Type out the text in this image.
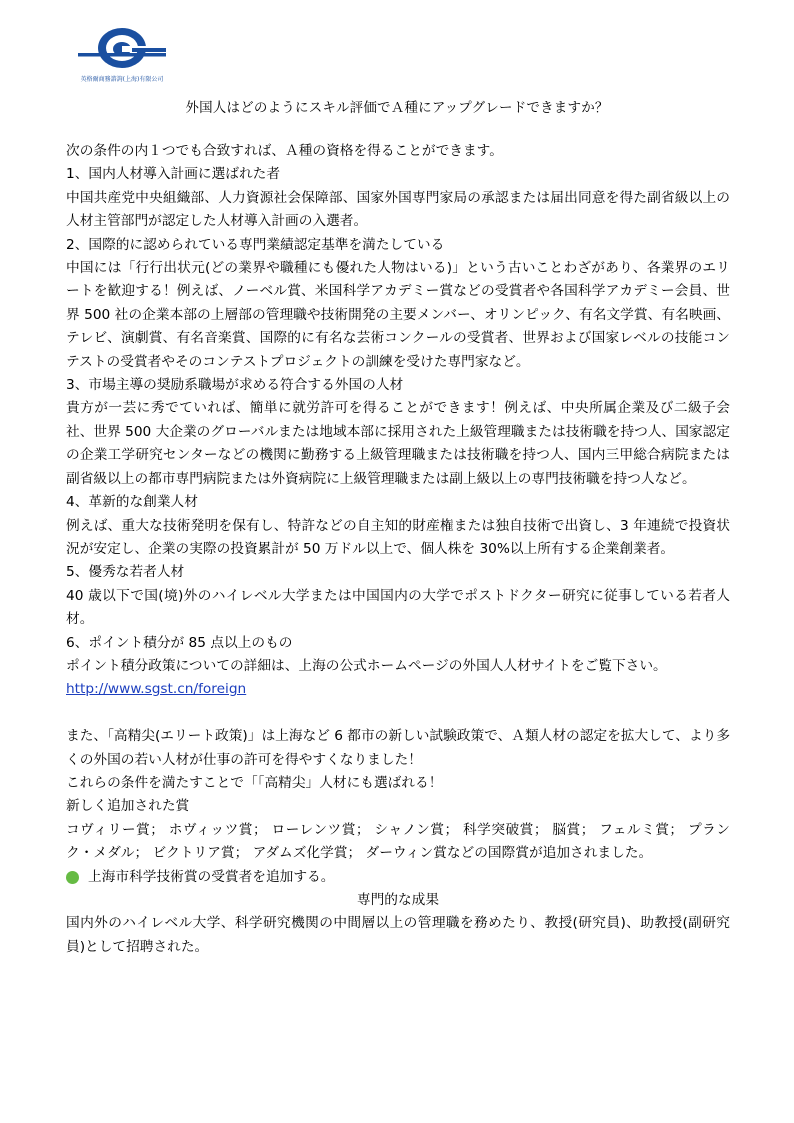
英格爾商務諮詢(上海)有限公司
外国人はどのようにスキル評価でＡ種にアップグレードできますか？

次の条件の内１つでも合致すれば、Ａ種の資格を得ることができます。

1、国内人材導入計画に選ばれた者

中国共産党中央組織部、人力資源社会保障部、国家外国専門家局の承認または届出同意を得た副省級以上の人材主管部門が認定した人材導入計画の入選者。

2、国際的に認められている専門業績認定基準を満たしている

中国には「行行出状元(どの業界や職種にも優れた人物はいる)」という古いことわざがあり、各業界のエリートを歓迎する！例えば、ノーベル賞、米国科学アカデミー賞などの受賞者や各国科学アカデミー会員、世界 500 社の企業本部の上層部の管理職や技術開発の主要メンバー、オリンピック、有名文学賞、有名映画、テレビ、演劇賞、有名音楽賞、国際的に有名な芸術コンクールの受賞者、世界および国家レベルの技能コンテストの受賞者やそのコンテストプロジェクトの訓練を受けた専門家など。

3、市場主導の奨励系職場が求める符合する外国の人材

貴方が一芸に秀でていれば、簡単に就労許可を得ることができます！例えば、中央所属企業及び二級子会社、世界 500 大企業のグローバルまたは地域本部に採用された上級管理職または技術職を持つ人、国家認定の企業工学研究センターなどの機関に勤務する上級管理職または技術職を持つ人、国内三甲総合病院または副省級以上の都市専門病院または外資病院に上級管理職または副上級以上の専門技術職を持つ人など。

4、革新的な創業人材

例えば、重大な技術発明を保有し、特許などの自主知的財産権または独自技術で出資し、3 年連続で投資状況が安定し、企業の実際の投資累計が 50 万ドル以上で、個人株を 30%以上所有する企業創業者。

5、優秀な若者人材

40 歳以下で国(境)外のハイレベル大学または中国国内の大学でポストドクター研究に従事している若者人材。

6、ポイント積分が 85 点以上のもの

ポイント積分政策についての詳細は、上海の公式ホームページの外国人人材サイトをご覧下さい。

http://www.sgst.cn/foreign

また、「高精尖(エリート政策)」は上海など 6 都市の新しい試験政策で、Ａ類人材の認定を拡大して、より多くの外国の若い人材が仕事の許可を得やすくなりました！

これらの条件を満たすことで「「高精尖」人材にも選ばれる！

新しく追加された賞

コヴィリー賞； ホヴィッツ賞； ローレンツ賞； シャノン賞； 科学突破賞； 脳賞； フェルミ賞； プランク・メダル； ビクトリア賞； アダムズ化学賞； ダーウィン賞などの国際賞が追加されました。

上海市科学技術賞の受賞者を追加する。

専門的な成果

国内外のハイレベル大学、科学研究機関の中間層以上の管理職を務めたり、教授(研究員)、助教授(副研究員)として招聘された。
